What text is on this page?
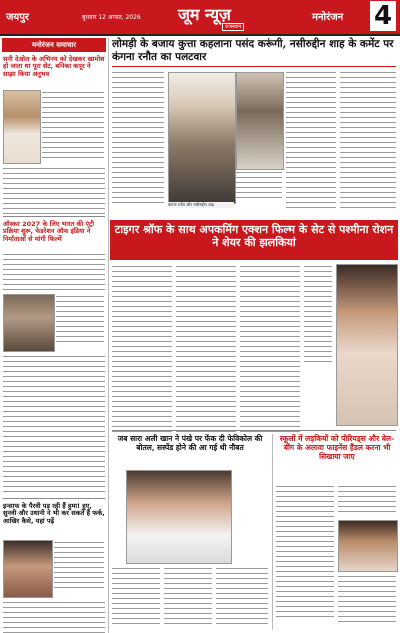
जयपुर	बुधवार 12 अगस्त, 2026 जूम न्यूज़
राजस्थान
मनोरंजन 4
मनोरंजन समाचार
सनी देओल के अभिनय को देखकर खामोश हो जाता था पूरा सेट, बनिका कपूर ने साझा किया अनुभव
ऑस्कर 2027 के लिए भारत की एंट्री प्रक्रिया शुरू, फेडरेशन ऑफ इंडिया ने निर्माताओं से मांगी फिल्में
इन्साफ के पैरवी पड़ रही हैं हुमा! हुए, सुनवी और उधानी ने भी कर सकते हैं फर्क, आखिर कैसे, यहां पढ़ें
लोमड़ी के बजाय कुत्ता कहलाना पसंद करूंगी, नसीरुद्दीन शाह के कमेंट पर कंगना रनौत का पलटवार
कंगना रनौत और नसीरुद्दीन शाह
टाइगर श्रॉफ के साथ अपकमिंग एक्शन फिल्म के सेट से पश्मीना रोशन ने शेयर की झलकियां
जब सारा अली खान ने पंखे पर फेंक दी फेविकोल की बोतल, सस्पेंड होने की आ गई थी नौबत
स्कूलों में लड़कियों को पीरियड्स और बेल-बींग के अलावा फाइनेंस हैंडल करना भी सिखाया जाए
